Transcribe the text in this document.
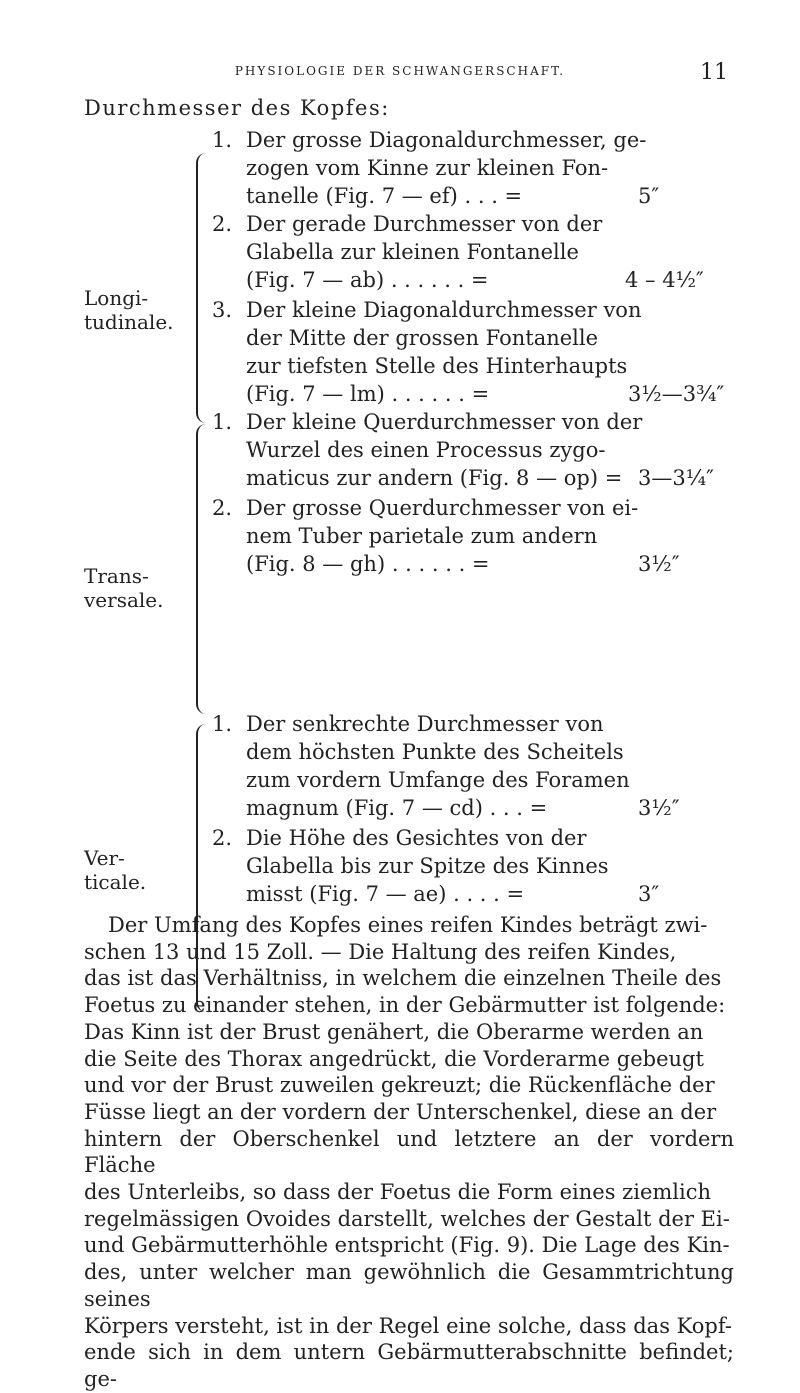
PHYSIOLOGIE DER SCHWANGERSCHAFT.	11
Durchmesser des Kopfes:
Longi-
tudinale.
1. Der grosse Diagonaldurchmesser, ge-
zogen vom Kinne zur kleinen Fon-
tanelle (Fig. 7 — ef) . . . =	5″
2. Der gerade Durchmesser von der
Glabella zur kleinen Fontanelle
(Fig. 7 — ab) . . . . . . =	4 – 4½″
3. Der kleine Diagonaldurchmesser von
der Mitte der grossen Fontanelle
zur tiefsten Stelle des Hinterhaupts
(Fig. 7 — lm) . . . . . . =	3½—3¾″
Trans-
versale.
1. Der kleine Querdurchmesser von der
Wurzel des einen Processus zygo-
maticus zur andern (Fig. 8 — op) = 3—3¼″
2. Der grosse Querdurchmesser von ei-
nem Tuber parietale zum andern
(Fig. 8 — gh) . . . . . . =	3½″
Ver-
ticale.
1. Der senkrechte Durchmesser von
dem höchsten Punkte des Scheitels
zum vordern Umfange des Foramen
magnum (Fig. 7 — cd) . . . =	3½″
2. Die Höhe des Gesichtes von der
Glabella bis zur Spitze des Kinnes
misst (Fig. 7 — ae) . . . . =	3″
Der Umfang des Kopfes eines reifen Kindes beträgt zwi-
schen 13 und 15 Zoll. — Die Haltung des reifen Kindes,
das ist das Verhältniss, in welchem die einzelnen Theile des
Foetus zu einander stehen, in der Gebärmutter ist folgende:
Das Kinn ist der Brust genähert, die Oberarme werden an
die Seite des Thorax angedrückt, die Vorderarme gebeugt
und vor der Brust zuweilen gekreuzt; die Rückenfläche der
Füsse liegt an der vordern der Unterschenkel, diese an der
hintern der Oberschenkel und letztere an der vordern Fläche
des Unterleibs, so dass der Foetus die Form eines ziemlich
regelmässigen Ovoides darstellt, welches der Gestalt der Ei-
und Gebärmutterhöhle entspricht (Fig. 9). Die Lage des Kin-
des, unter welcher man gewöhnlich die Gesammtrichtung seines
Körpers versteht, ist in der Regel eine solche, dass das Kopf-
ende sich in dem untern Gebärmutterabschnitte befindet; ge-
